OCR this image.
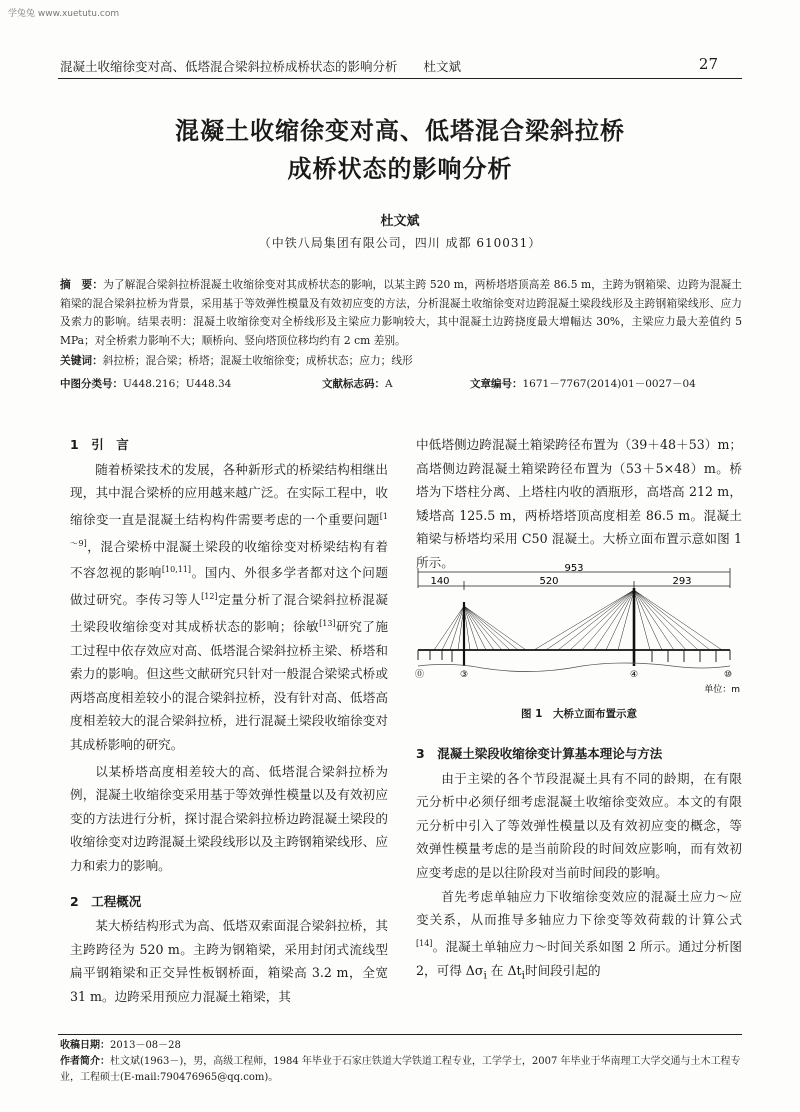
学兔兔 www.xuetutu.com
混凝土收缩徐变对高、低塔混合梁斜拉桥成桥状态的影响分析 杜文斌	27
混凝土收缩徐变对高、低塔混合梁斜拉桥
成桥状态的影响分析
杜文斌
（中铁八局集团有限公司，四川 成都 610031）
摘　要：为了解混合梁斜拉桥混凝土收缩徐变对其成桥状态的影响，以某主跨 520 m，两桥塔塔顶高差 86.5 m，主跨为钢箱梁、边跨为混凝土箱梁的混合梁斜拉桥为背景，采用基于等效弹性模量及有效初应变的方法，分析混凝土收缩徐变对边跨混凝土梁段线形及主跨钢箱梁线形、应力及索力的影响。结果表明：混凝土收缩徐变对全桥线形及主梁应力影响较大，其中混凝土边跨挠度最大增幅达 30%，主梁应力最大差值约 5 MPa；对全桥索力影响不大；顺桥向、竖向塔顶位移均约有 2 cm 差别。
关键词：斜拉桥；混合梁；桥塔；混凝土收缩徐变；成桥状态；应力；线形
中图分类号：U448.216；U448.34	文献标志码：A	文章编号：1671－7767(2014)01－0027－04
1　引　言

随着桥梁技术的发展，各种新形式的桥梁结构相继出现，其中混合梁桥的应用越来越广泛。在实际工程中，收缩徐变一直是混凝土结构构件需要考虑的一个重要问题[1～9]，混合梁桥中混凝土梁段的收缩徐变对桥梁结构有着不容忽视的影响[10,11]。国内、外很多学者都对这个问题做过研究。李传习等人[12]定量分析了混合梁斜拉桥混凝土梁段收缩徐变对其成桥状态的影响；徐敏[13]研究了施工过程中依存效应对高、低塔混合梁斜拉桥主梁、桥塔和索力的影响。但这些文献研究只针对一般混合梁梁式桥或两塔高度相差较小的混合梁斜拉桥，没有针对高、低塔高度相差较大的混合梁斜拉桥，进行混凝土梁段收缩徐变对其成桥影响的研究。

以某桥塔高度相差较大的高、低塔混合梁斜拉桥为例，混凝土收缩徐变采用基于等效弹性模量以及有效初应变的方法进行分析，探讨混合梁斜拉桥边跨混凝土梁段的收缩徐变对边跨混凝土梁段线形以及主跨钢箱梁线形、应力和索力的影响。

2　工程概况

某大桥结构形式为高、低塔双索面混合梁斜拉桥，其主跨跨径为 520 m。主跨为钢箱梁，采用封闭式流线型扁平钢箱梁和正交异性板钢桥面，箱梁高 3.2 m，全宽 31 m。边跨采用预应力混凝土箱梁，其

中低塔侧边跨混凝土箱梁跨径布置为（39＋48＋53）m；高塔侧边跨混凝土箱梁跨径布置为（53＋5×48）m。桥塔为下塔柱分离、上塔柱内收的酒瓶形，高塔高 212 m，矮塔高 125.5 m，两桥塔塔顶高度相差 86.5 m。混凝土箱梁与桥塔均采用 C50 混凝土。大桥立面布置示意如图 1 所示。	953
140	520	293
⓪	③	④	⑩
单位：m
图 1　大桥立面布置示意
3　混凝土梁段收缩徐变计算基本理论与方法

由于主梁的各个节段混凝土具有不同的龄期，在有限元分析中必须仔细考虑混凝土收缩徐变效应。本文的有限元分析中引入了等效弹性模量以及有效初应变的概念，等效弹性模量考虑的是当前阶段的时间效应影响，而有效初应变考虑的是以往阶段对当前时间段的影响。

首先考虑单轴应力下收缩徐变效应的混凝土应力～应变关系，从而推导多轴应力下徐变等效荷载的计算公式[14]。混凝土单轴应力～时间关系如图 2 所示。通过分析图 2，可得 $\Delta\sigma_i$ 在 $\Delta t_i$时间段引起的

收稿日期：2013－08－28
作者简介：杜文斌(1963－)，男，高级工程师，1984 年毕业于石家庄铁道大学铁道工程专业，工学学士，2007 年毕业于华南理工大学交通与土木工程专业，工程硕士(E-mail:790476965@qq.com)。
